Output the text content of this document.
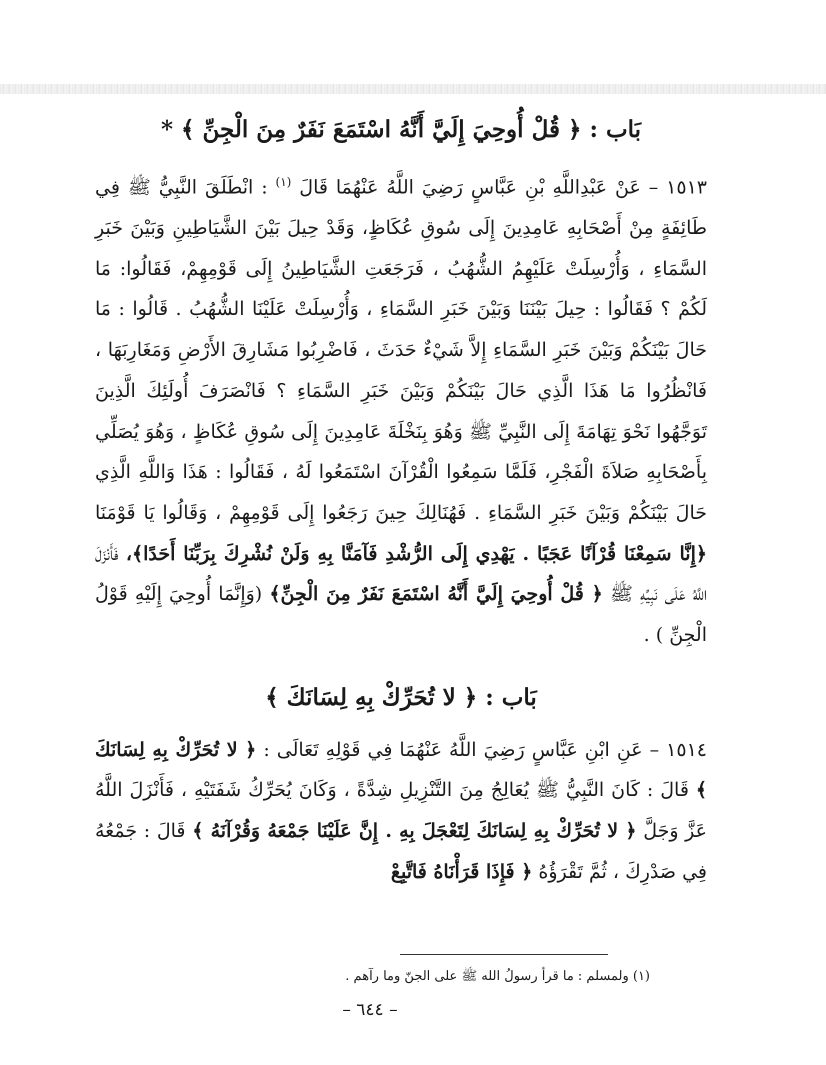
بَاب : ﴿ قُلْ أُوحِيَ إِلَيَّ أَنَّهُ اسْتَمَعَ نَفَرٌ مِنَ الْجِنِّ ﴾ *

١٥١٣ – عَنْ عَبْدِاللَّهِ بْنِ عَبَّاسٍ رَضِيَ اللَّهُ عَنْهُمَا قَالَ $^{(١)}$ : انْطَلَقَ النَّبِيُّ ﷺ فِي طَائِفَةٍ مِنْ أَصْحَابِهِ عَامِدِينَ إِلَى سُوقِ عُكَاظٍ، وَقَدْ حِيلَ بَيْنَ الشَّيَاطِينِ وَبَيْنَ خَبَرِ السَّمَاءِ ، وَأُرْسِلَتْ عَلَيْهِمُ الشُّهُبُ ، فَرَجَعَتِ الشَّيَاطِينُ إِلَى قَوْمِهِمْ، فَقَالُوا: مَا لَكُمْ ؟ فَقَالُوا : حِيلَ بَيْنَنَا وَبَيْنَ خَبَرِ السَّمَاءِ ، وَأُرْسِلَتْ عَلَيْنَا الشُّهُبُ . قَالُوا : مَا حَالَ بَيْنَكُمْ وَبَيْنَ خَبَرِ السَّمَاءِ إِلاَّ شَيْءٌ حَدَثَ ، فَاضْرِبُوا مَشَارِقَ الأَرْضِ وَمَغَارِبَهَا ، فَانْظُرُوا مَا هَذَا الَّذِي حَالَ بَيْنَكُمْ وَبَيْنَ خَبَرِ السَّمَاءِ ؟ فَانْصَرَفَ أُولَئِكَ الَّذِينَ تَوَجَّهُوا نَحْوَ تِهَامَةَ إِلَى النَّبِيِّ ﷺ وَهُوَ بِنَخْلَةَ عَامِدِينَ إِلَى سُوقِ عُكَاظٍ ، وَهُوَ يُصَلِّي بِأَصْحَابِهِ صَلاَةَ الْفَجْرِ، فَلَمَّا سَمِعُوا الْقُرْآنَ اسْتَمَعُوا لَهُ ، فَقَالُوا : هَذَا وَاللَّهِ الَّذِي حَالَ بَيْنَكُمْ وَبَيْنَ خَبَرِ السَّمَاءِ . فَهُنَالِكَ حِينَ رَجَعُوا إِلَى قَوْمِهِمْ ، وَقَالُوا يَا قَوْمَنَا ﴿إِنَّا سَمِعْنَا قُرْآنًا عَجَبًا . يَهْدِي إِلَى الرُّشْدِ فَآمَنَّا بِهِ وَلَنْ نُشْرِكَ بِرَبِّنَا أَحَدًا﴾، فَأَنْزَلَ اللَّهُ عَلَى نَبِيِّهِ ﷺ ﴿ قُلْ أُوحِيَ إِلَيَّ أَنَّهُ اسْتَمَعَ نَفَرٌ مِنَ الْجِنِّ﴾ (وَإِنَّمَا أُوحِيَ إِلَيْهِ قَوْلُ الْجِنِّ ) .

بَاب : ﴿ لا تُحَرِّكْ بِهِ لِسَانَكَ ﴾

١٥١٤ – عَنِ ابْنِ عَبَّاسٍ رَضِيَ اللَّهُ عَنْهُمَا فِي قَوْلِهِ تَعَالَى : ﴿ لا تُحَرِّكْ بِهِ لِسَانَكَ ﴾ قَالَ : كَانَ النَّبِيُّ ﷺ يُعَالِجُ مِنَ التَّنْزِيلِ شِدَّةً ، وَكَانَ يُحَرِّكُ شَفَتَيْهِ ، فَأَنْزَلَ اللَّهُ عَزَّ وَجَلَّ ﴿ لا تُحَرِّكْ بِهِ لِسَانَكَ لِتَعْجَلَ بِهِ . إِنَّ عَلَيْنَا جَمْعَهُ وَقُرْآنَهُ ﴾ قَالَ : جَمْعُهُ فِي صَدْرِكَ ، ثُمَّ تَقْرَؤُهُ ﴿ فَإِذَا قَرَأْنَاهُ فَاتَّبِعْ

(١) ولمسلم : ما قرأ رسولُ الله ﷺ على الجنّ وما رآهم .
– ٦٤٤ –
